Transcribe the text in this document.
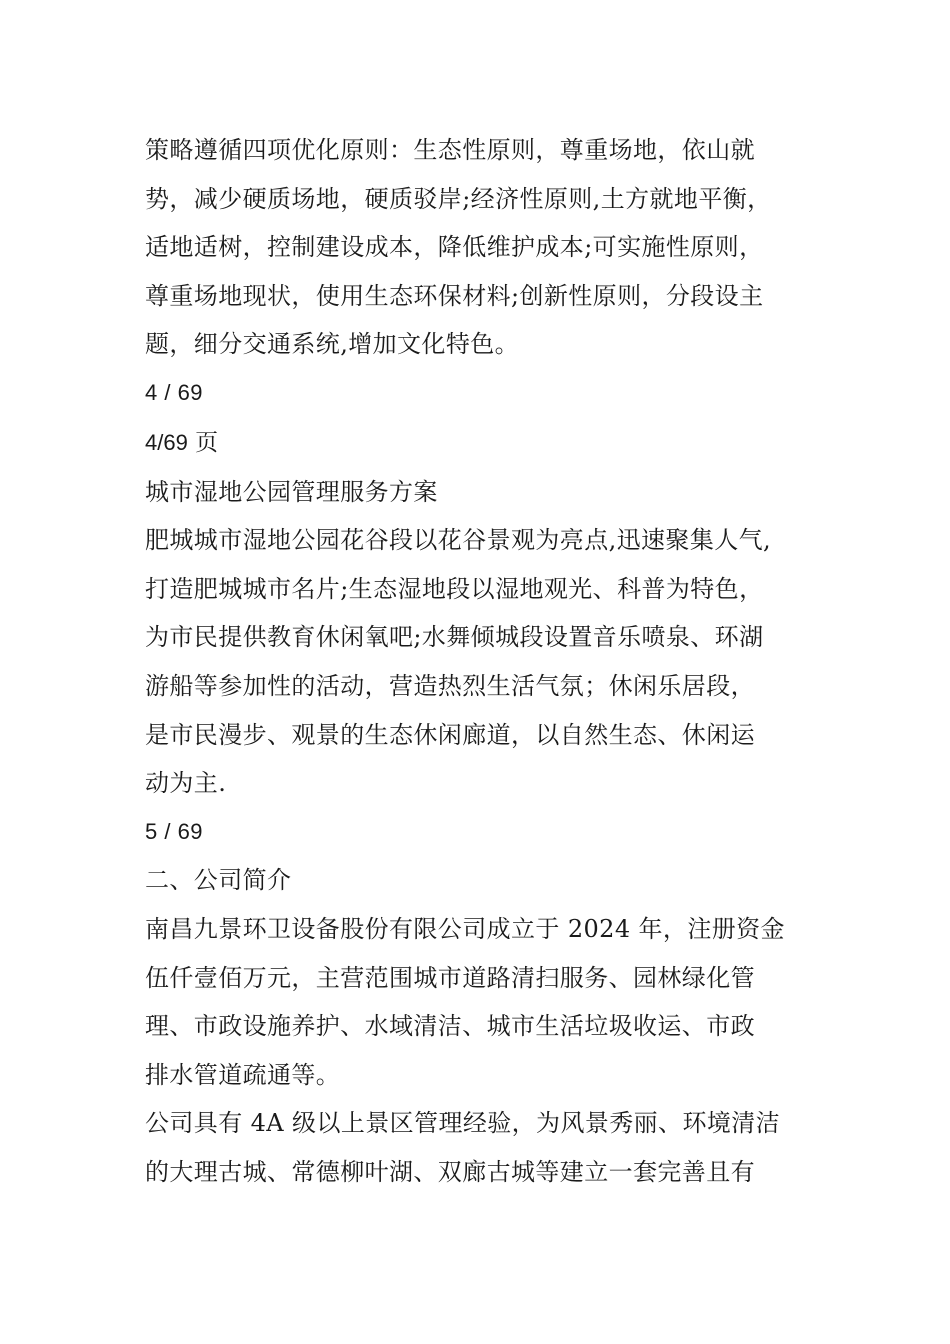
策略遵循四项优化原则：生态性原则，尊重场地，依山就
势，减少硬质场地，硬质驳岸;经济性原则,土方就地平衡，
适地适树，控制建设成本，降低维护成本;可实施性原则，
尊重场地现状，使用生态环保材料;创新性原则，分段设主
题，细分交通系统,增加文化特色。

4 / 69

4/69 页

城市湿地公园管理服务方案

肥城城市湿地公园花谷段以花谷景观为亮点,迅速聚集人气,
打造肥城城市名片;生态湿地段以湿地观光、科普为特色，
为市民提供教育休闲氧吧;水舞倾城段设置音乐喷泉、环湖
游船等参加性的活动，营造热烈生活气氛；休闲乐居段，
是市民漫步、观景的生态休闲廊道，以自然生态、休闲运
动为主.

5 / 69

二、公司简介

南昌九景环卫设备股份有限公司成立于 2024 年，注册资金
伍仟壹佰万元，主营范围城市道路清扫服务、园林绿化管
理、市政设施养护、水域清洁、城市生活垃圾收运、市政
排水管道疏通等。

公司具有 4A 级以上景区管理经验，为风景秀丽、环境清洁
的大理古城、常德柳叶湖、双廊古城等建立一套完善且有
